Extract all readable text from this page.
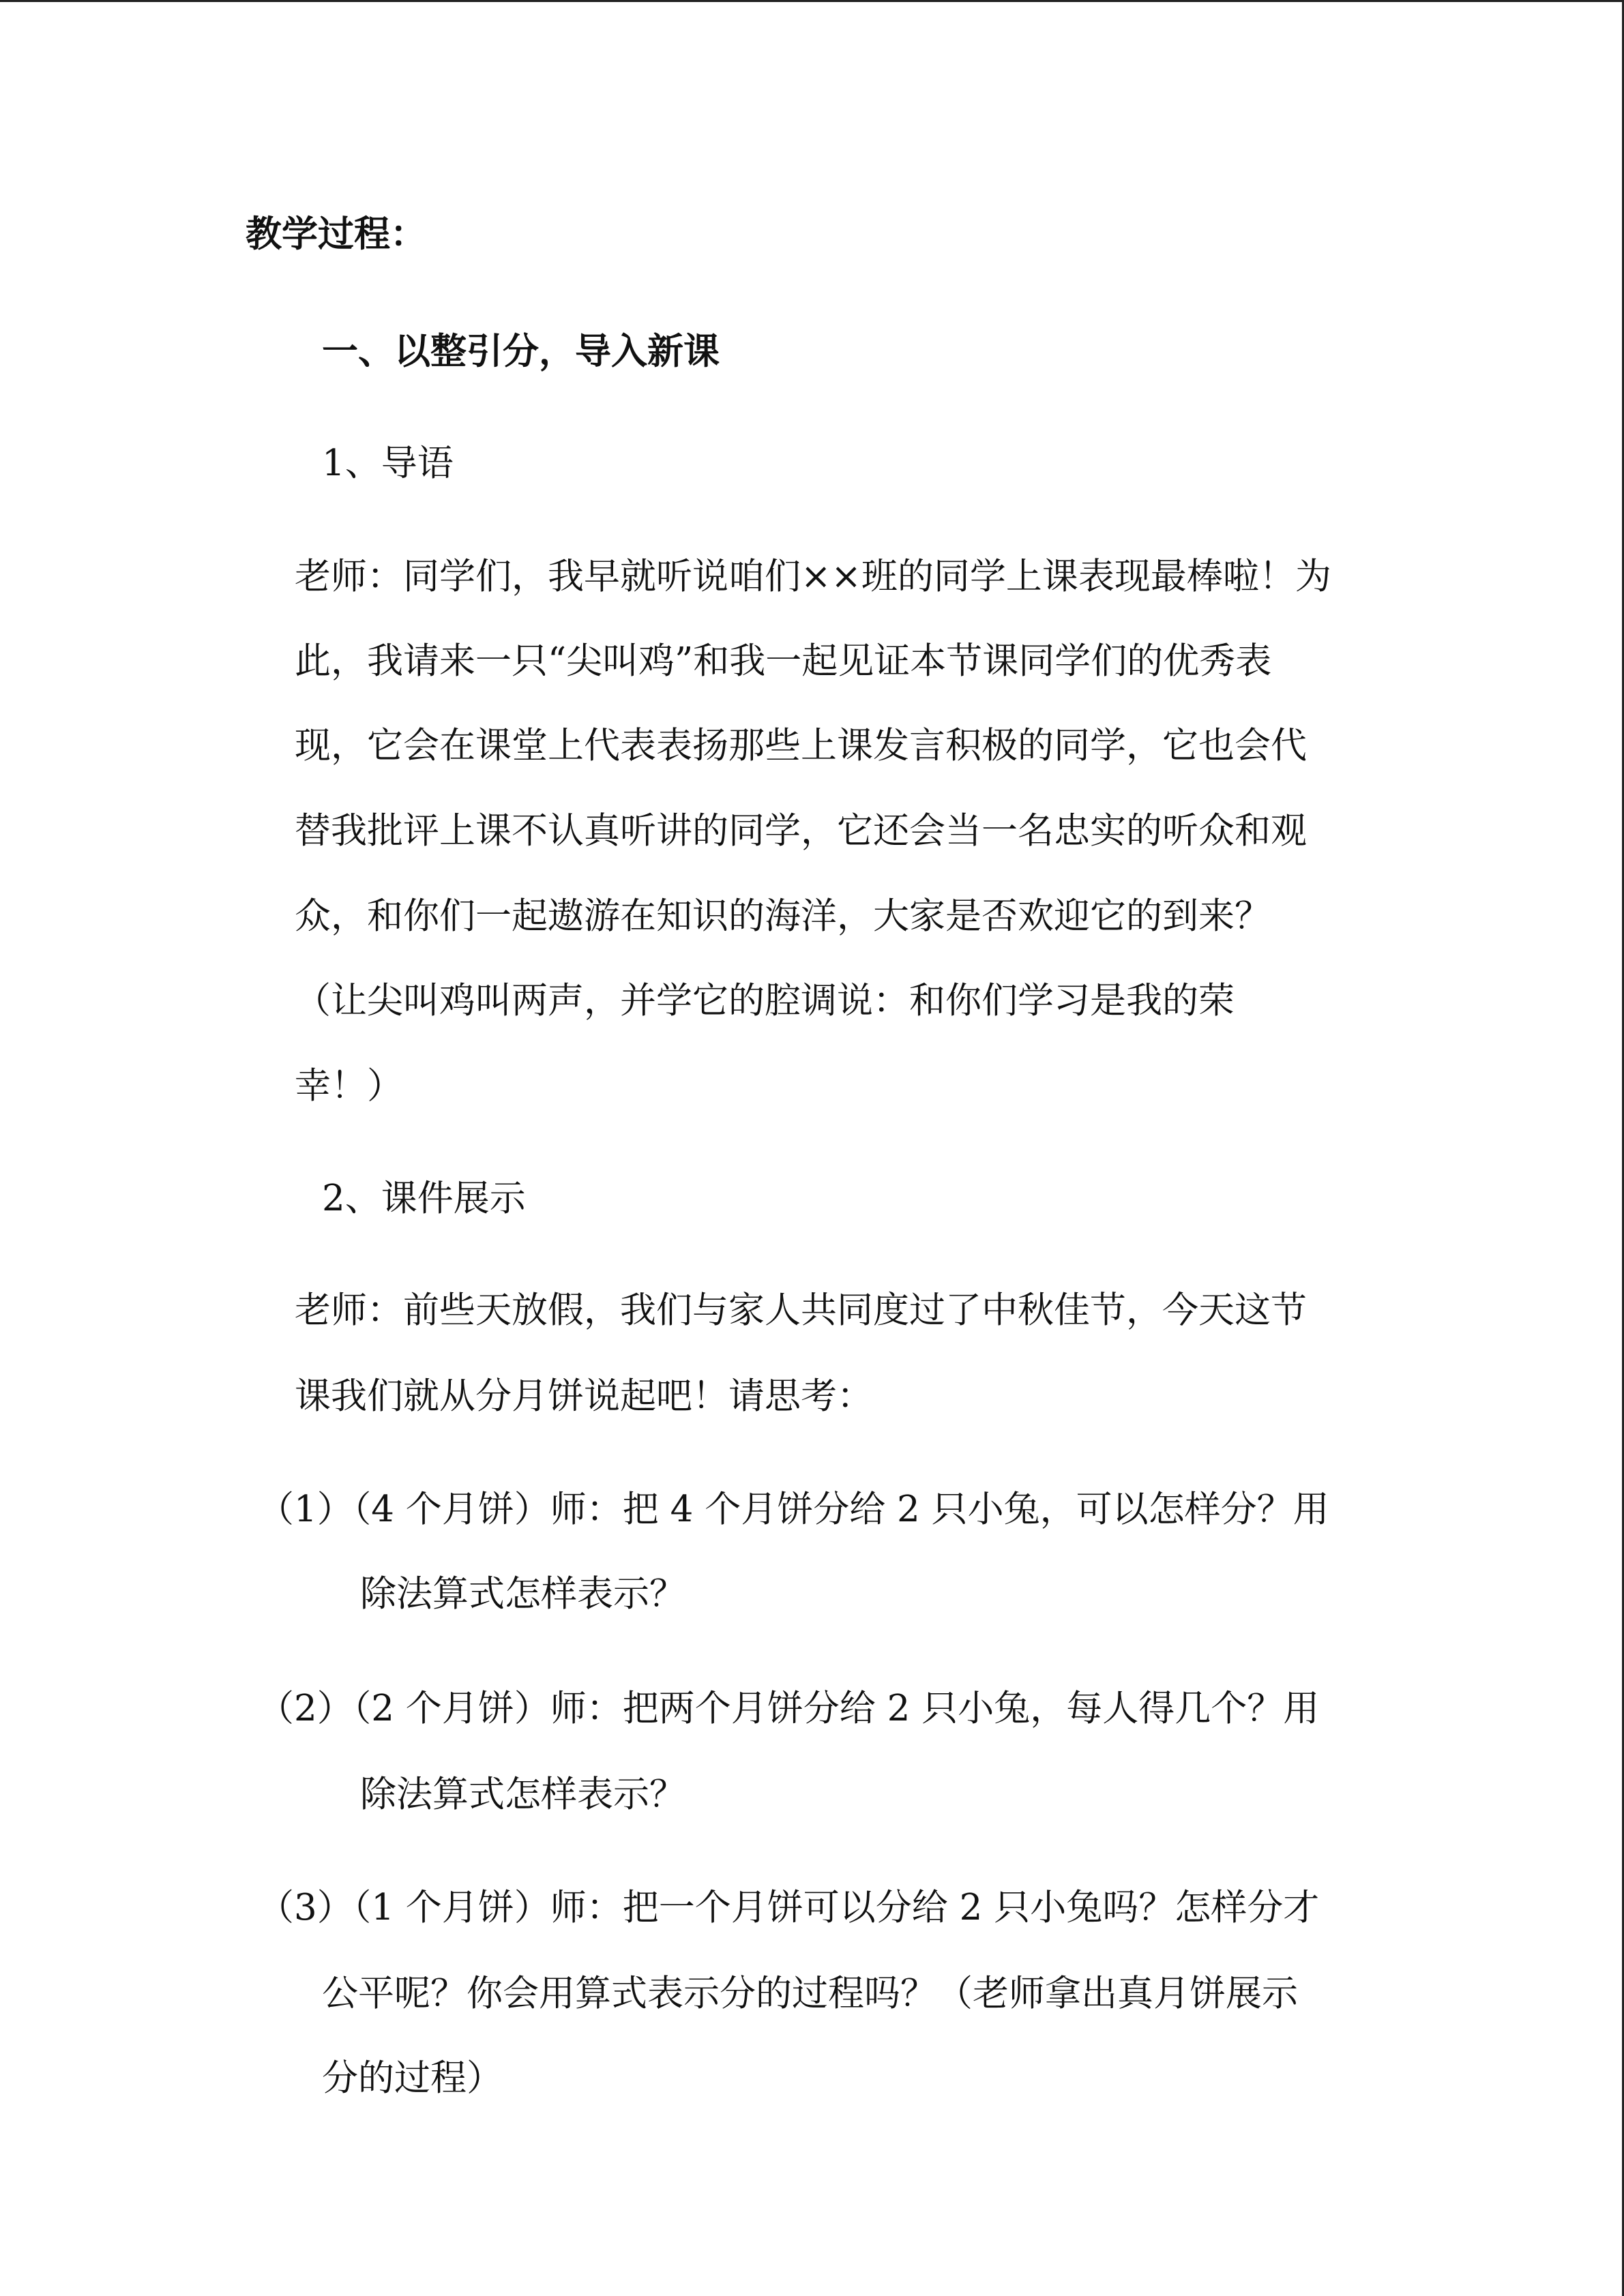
教学过程：

一、以整引分，导入新课

1、导语

老师：同学们，我早就听说咱们××班的同学上课表现最棒啦！为

此，我请来一只“尖叫鸡”和我一起见证本节课同学们的优秀表

现，它会在课堂上代表表扬那些上课发言积极的同学，它也会代

替我批评上课不认真听讲的同学，它还会当一名忠实的听众和观

众，和你们一起遨游在知识的海洋，大家是否欢迎它的到来？

（让尖叫鸡叫两声，并学它的腔调说：和你们学习是我的荣

幸！）

2、课件展示

老师：前些天放假，我们与家人共同度过了中秋佳节，今天这节

课我们就从分月饼说起吧！请思考：

（1）（4 个月饼）师：把 4 个月饼分给 2 只小兔，可以怎样分？用

除法算式怎样表示？

（2）（2 个月饼）师：把两个月饼分给 2 只小兔，每人得几个？用

除法算式怎样表示？

（3）（1 个月饼）师：把一个月饼可以分给 2 只小兔吗？怎样分才

公平呢？你会用算式表示分的过程吗？（老师拿出真月饼展示

分的过程）
